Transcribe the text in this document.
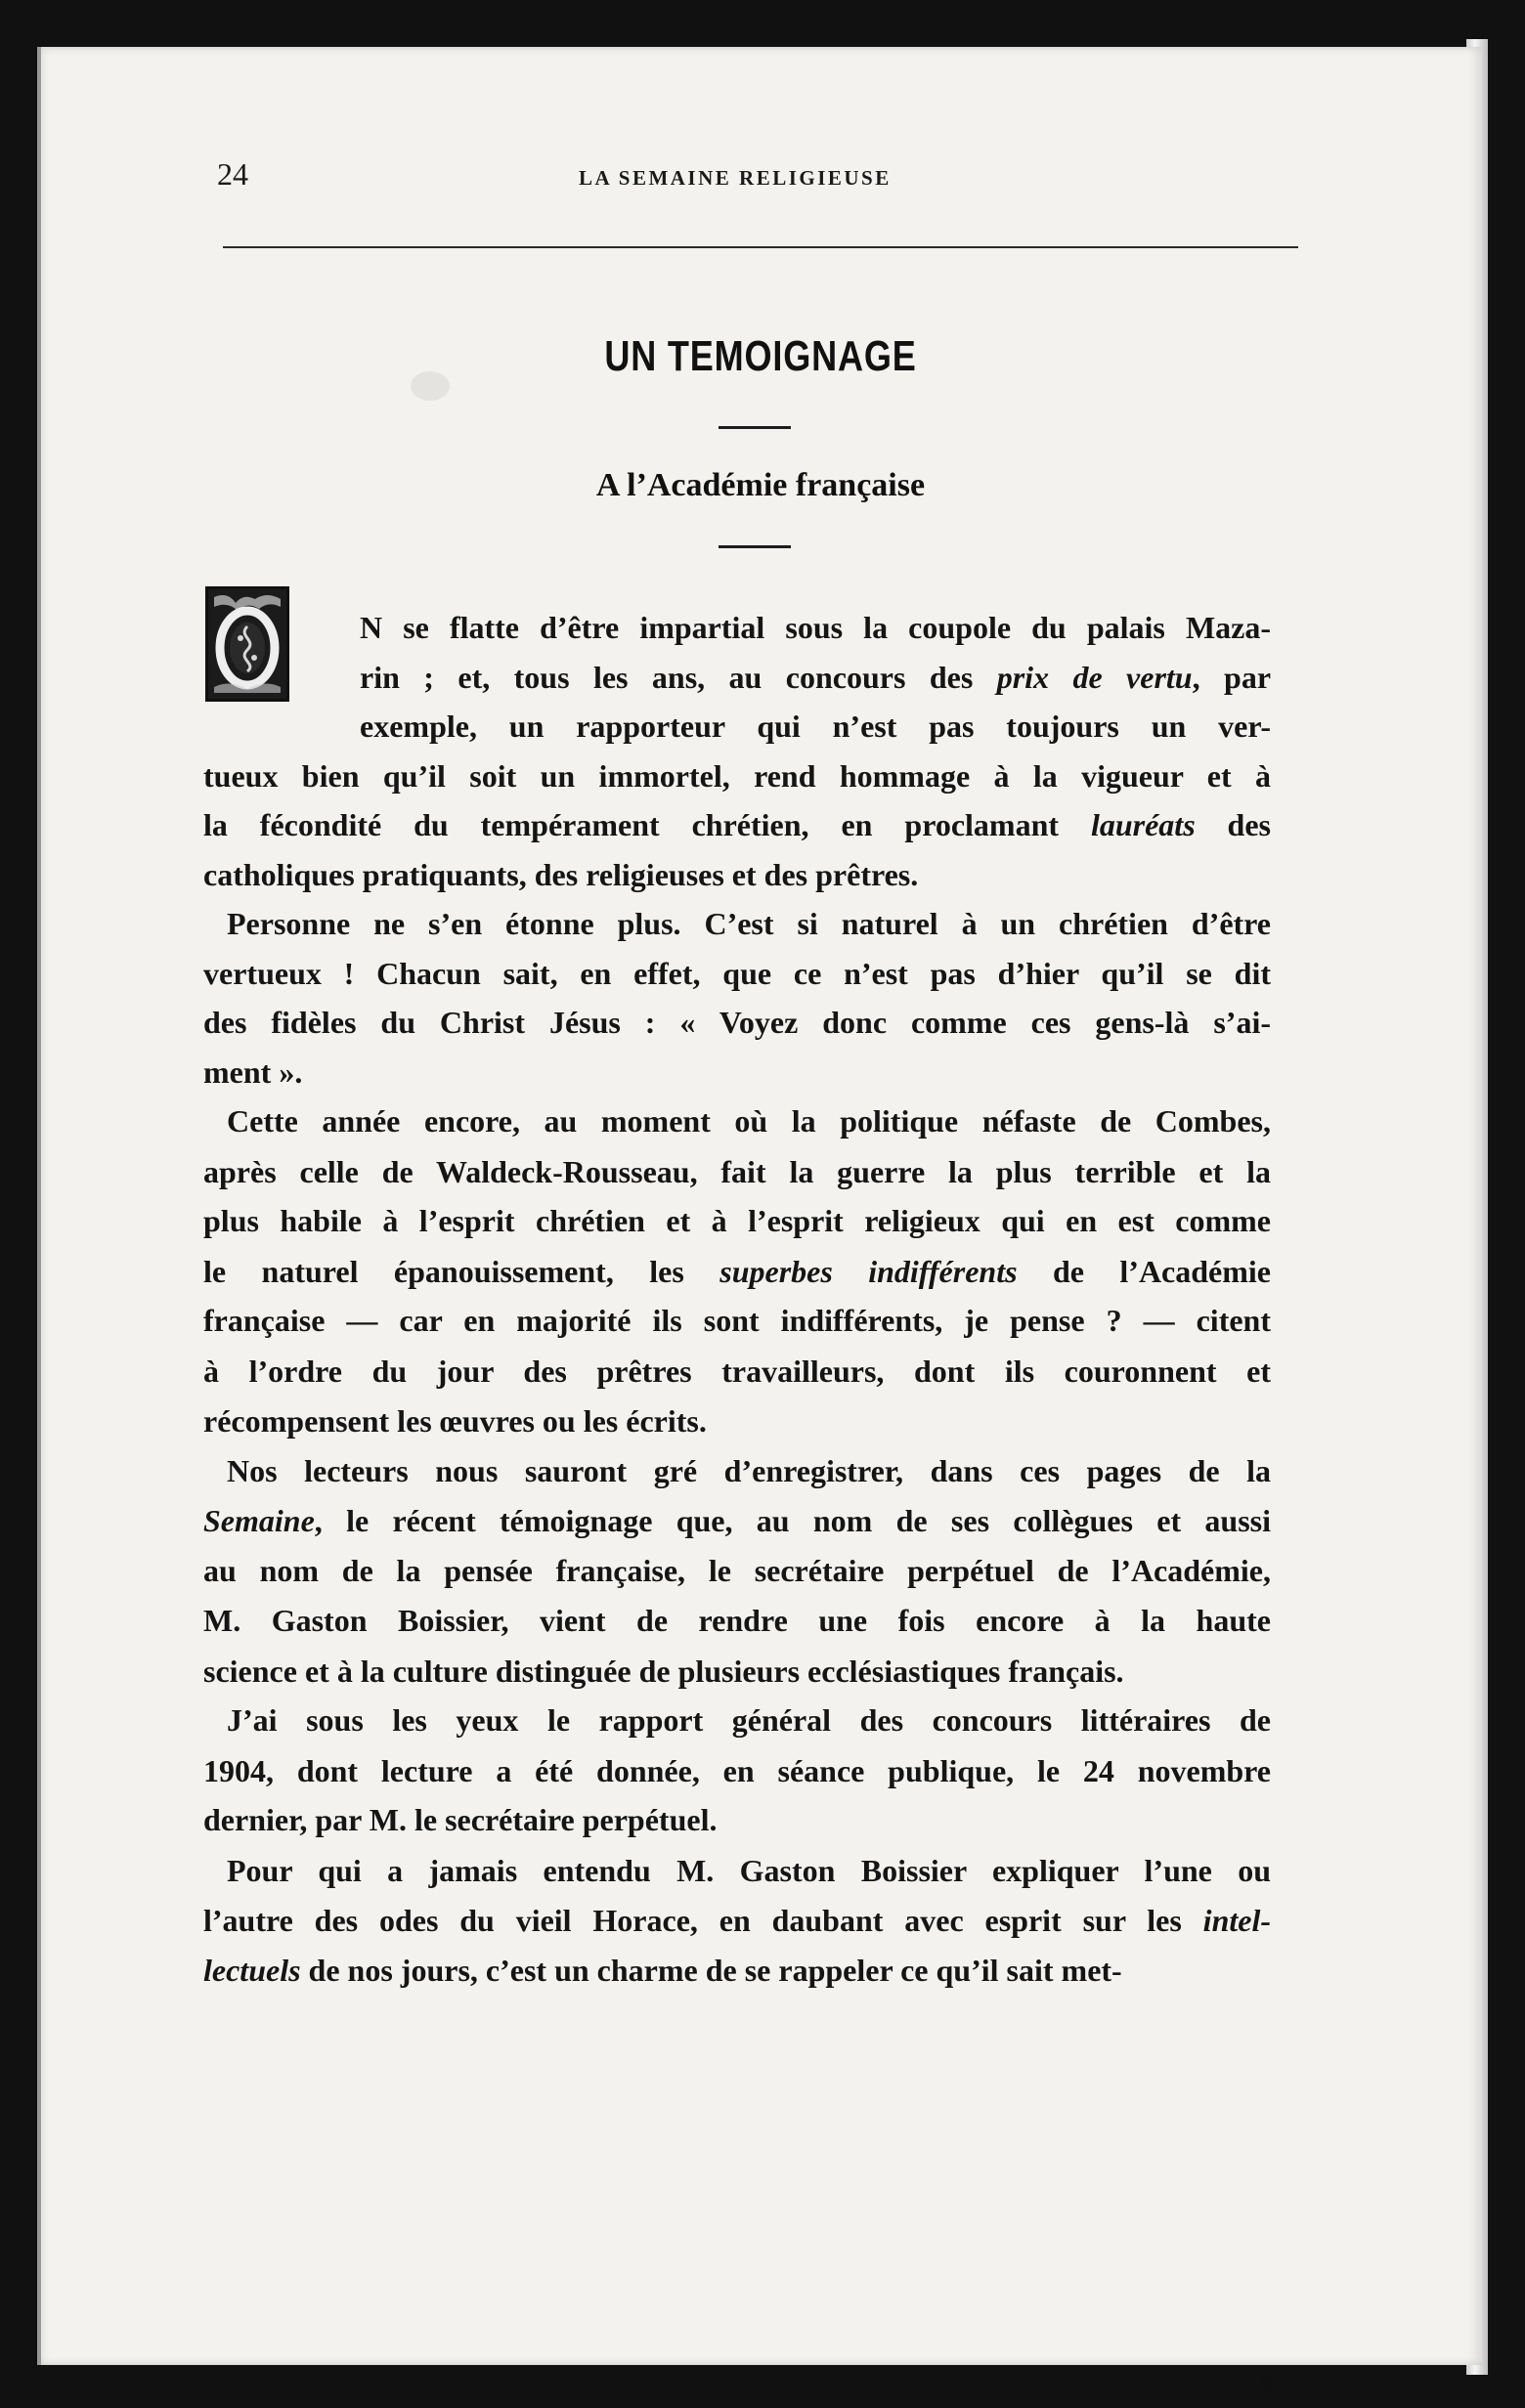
24	LA SEMAINE RELIGIEUSE
UN TEMOIGNAGE
A l’Académie française
N se flatte d’être impartial sous la coupole du palais Maza-
rin ; et, tous les ans, au concours des prix de vertu, par
exemple, un rapporteur qui n’est pas toujours un ver-
tueux bien qu’il soit un immortel, rend hommage à la vigueur et à
la fécondité du tempérament chrétien, en proclamant lauréats des
catholiques pratiquants, des religieuses et des prêtres.
Personne ne s’en étonne plus. C’est si naturel à un chrétien d’être
vertueux ! Chacun sait, en effet, que ce n’est pas d’hier qu’il se dit
des fidèles du Christ Jésus : « Voyez donc comme ces gens-là s’ai-
ment ».
Cette année encore, au moment où la politique néfaste de Combes,
après celle de Waldeck-Rousseau, fait la guerre la plus terrible et la
plus habile à l’esprit chrétien et à l’esprit religieux qui en est comme
le naturel épanouissement, les superbes indifférents de l’Académie
française — car en majorité ils sont indifférents, je pense ? — citent
à l’ordre du jour des prêtres travailleurs, dont ils couronnent et
récompensent les œuvres ou les écrits.
Nos lecteurs nous sauront gré d’enregistrer, dans ces pages de la
Semaine, le récent témoignage que, au nom de ses collègues et aussi
au nom de la pensée française, le secrétaire perpétuel de l’Académie,
M. Gaston Boissier, vient de rendre une fois encore à la haute
science et à la culture distinguée de plusieurs ecclésiastiques français.
J’ai sous les yeux le rapport général des concours littéraires de
1904, dont lecture a été donnée, en séance publique, le 24 novembre
dernier, par M. le secrétaire perpétuel.
Pour qui a jamais entendu M. Gaston Boissier expliquer l’une ou
l’autre des odes du vieil Horace, en daubant avec esprit sur les intel-
lectuels de nos jours, c’est un charme de se rappeler ce qu’il sait met-
